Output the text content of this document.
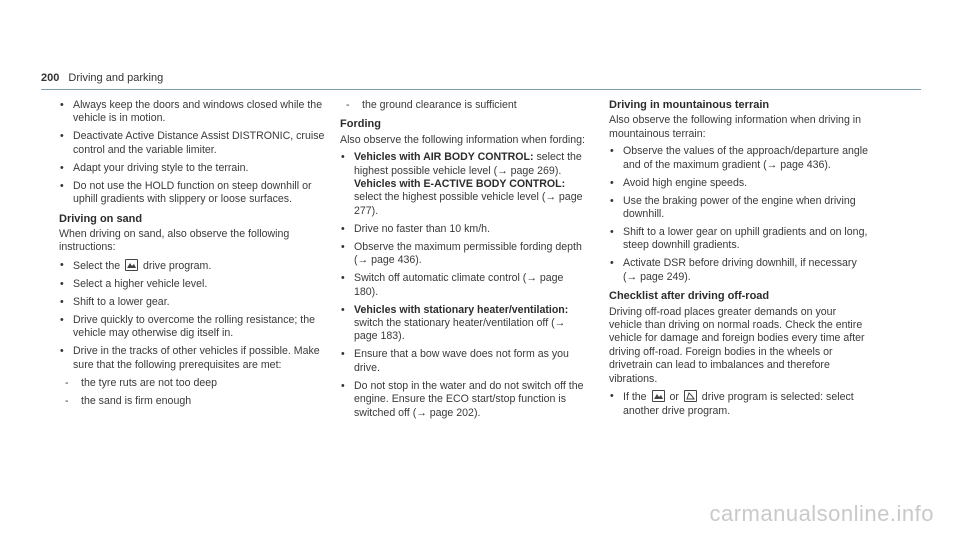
200 Driving and parking
• Always keep the doors and windows closed while the vehicle is in motion.
• Deactivate Active Distance Assist DISTRONIC, cruise control and the variable limiter.
• Adapt your driving style to the terrain.
• Do not use the HOLD function on steep downhill or uphill gradients with slippery or loose surfaces.
Driving on sand
When driving on sand, also observe the following instructions:
• Select the drive program.
• Select a higher vehicle level.
• Shift to a lower gear.
• Drive quickly to overcome the rolling resistance; the vehicle may otherwise dig itself in.
• Drive in the tracks of other vehicles if possible. Make sure that the following prerequisites are met:
- the tyre ruts are not too deep
- the sand is firm enough
- the ground clearance is sufficient
Fording
Also observe the following information when fording:
• Vehicles with AIR BODY CONTROL: select the highest possible vehicle level (→ page 269).
Vehicles with E-ACTIVE BODY CONTROL:
select the highest possible vehicle level (→ page 277).
• Drive no faster than 10 km/h.
• Observe the maximum permissible fording depth (→ page 436).
• Switch off automatic climate control (→ page 180).
• Vehicles with stationary heater/ventilation: switch the stationary heater/ventilation off (→ page 183).
• Ensure that a bow wave does not form as you drive.
• Do not stop in the water and do not switch off the engine. Ensure the ECO start/stop function is switched off (→ page 202).
Driving in mountainous terrain
Also observe the following information when driving in mountainous terrain:
• Observe the values of the approach/departure angle and of the maximum gradient (→ page 436).
• Avoid high engine speeds.
• Use the braking power of the engine when driving downhill.
• Shift to a lower gear on uphill gradients and on long, steep downhill gradients.
• Activate DSR before driving downhill, if necessary (→ page 249).
Checklist after driving off-road
Driving off-road places greater demands on your vehicle than driving on normal roads. Check the entire vehicle for damage and foreign bodies every time after driving off-road. Foreign bodies in the wheels or drivetrain can lead to imbalances and therefore vibrations.
• If the or drive program is selected: select another drive program.
carmanualsonline.info
